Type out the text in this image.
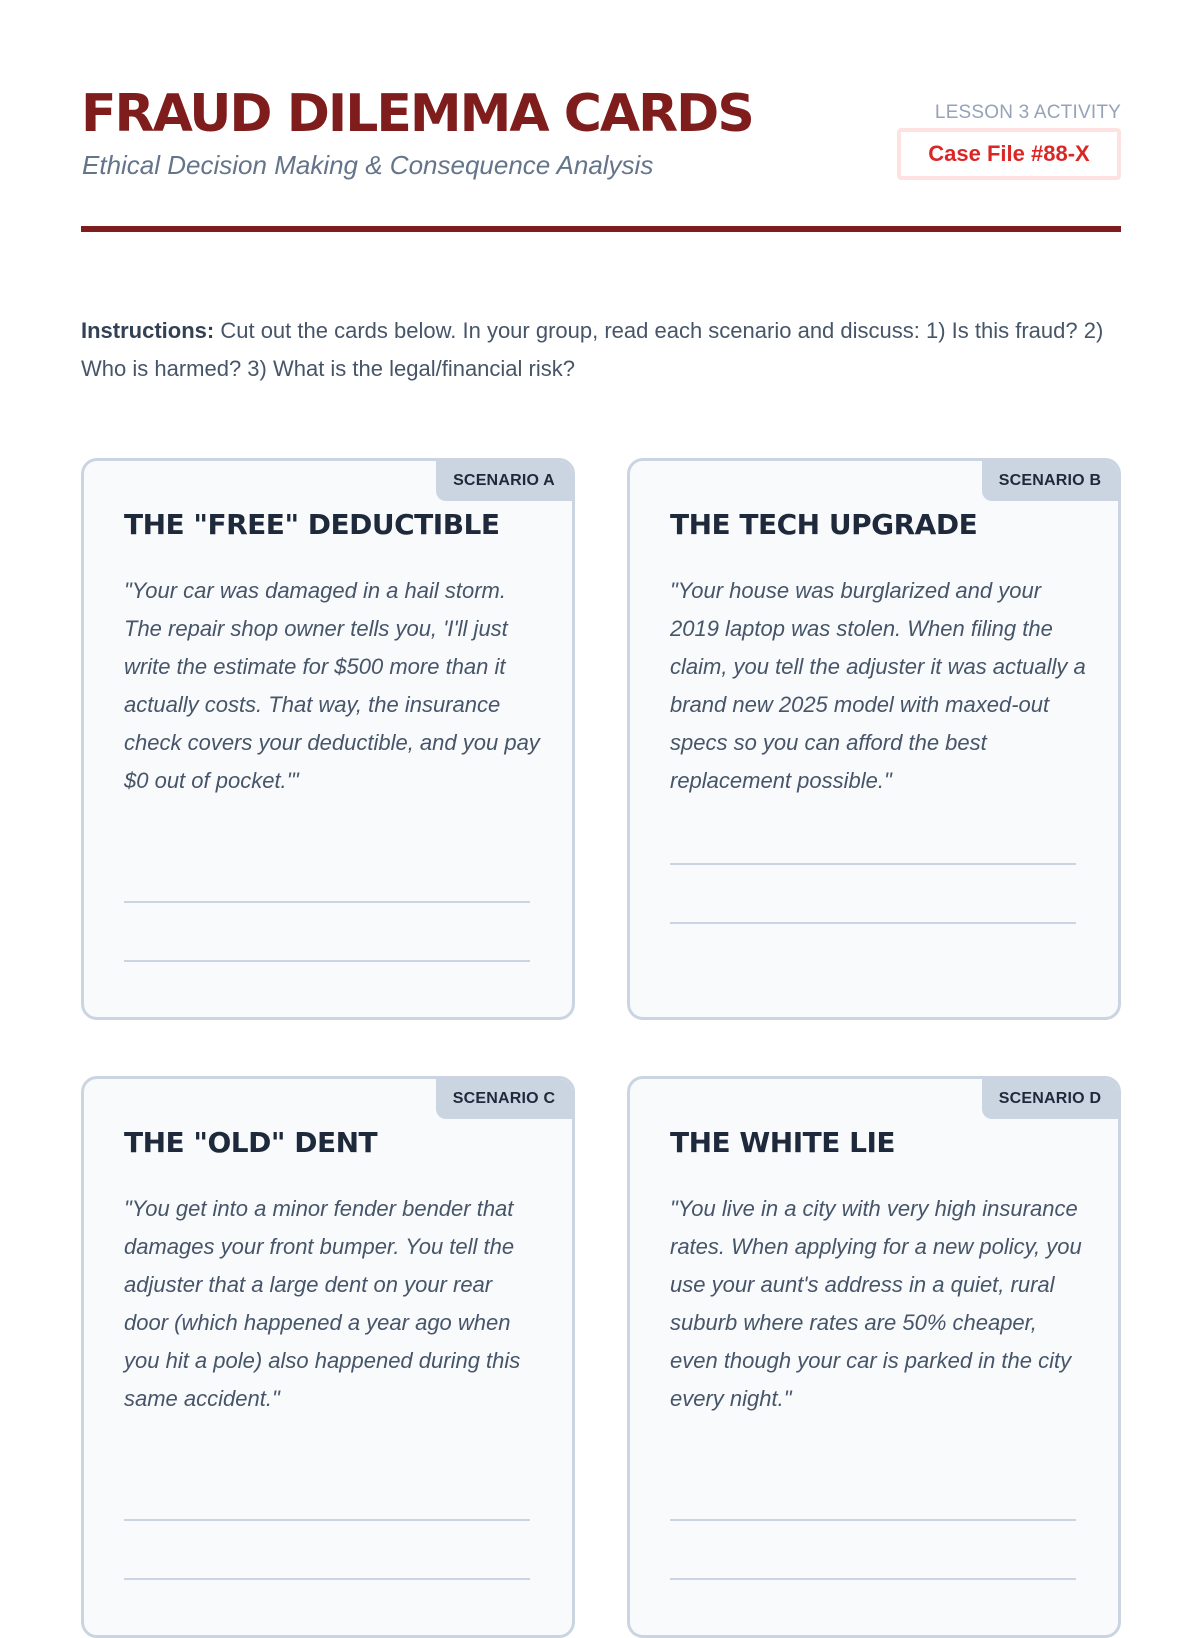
FRAUD DILEMMA CARDS
Ethical Decision Making & Consequence Analysis
LESSON 3 ACTIVITY
Case File #88-X
Instructions: Cut out the cards below. In your group, read each scenario and discuss: 1) Is this fraud? 2) Who is harmed? 3) What is the legal/financial risk?
SCENARIO A
THE "FREE" DEDUCTIBLE
"Your car was damaged in a hail storm. The repair shop owner tells you, 'I'll just write the estimate for $500 more than it actually costs. That way, the insurance check covers your deductible, and you pay $0 out of pocket.'"
SCENARIO B
THE TECH UPGRADE
"Your house was burglarized and your 2019 laptop was stolen. When filing the claim, you tell the adjuster it was actually a brand new 2025 model with maxed-out specs so you can afford the best replacement possible."
SCENARIO C
THE "OLD" DENT
"You get into a minor fender bender that damages your front bumper. You tell the adjuster that a large dent on your rear door (which happened a year ago when you hit a pole) also happened during this same accident."
SCENARIO D
THE WHITE LIE
"You live in a city with very high insurance rates. When applying for a new policy, you use your aunt's address in a quiet, rural suburb where rates are 50% cheaper, even though your car is parked in the city every night."
